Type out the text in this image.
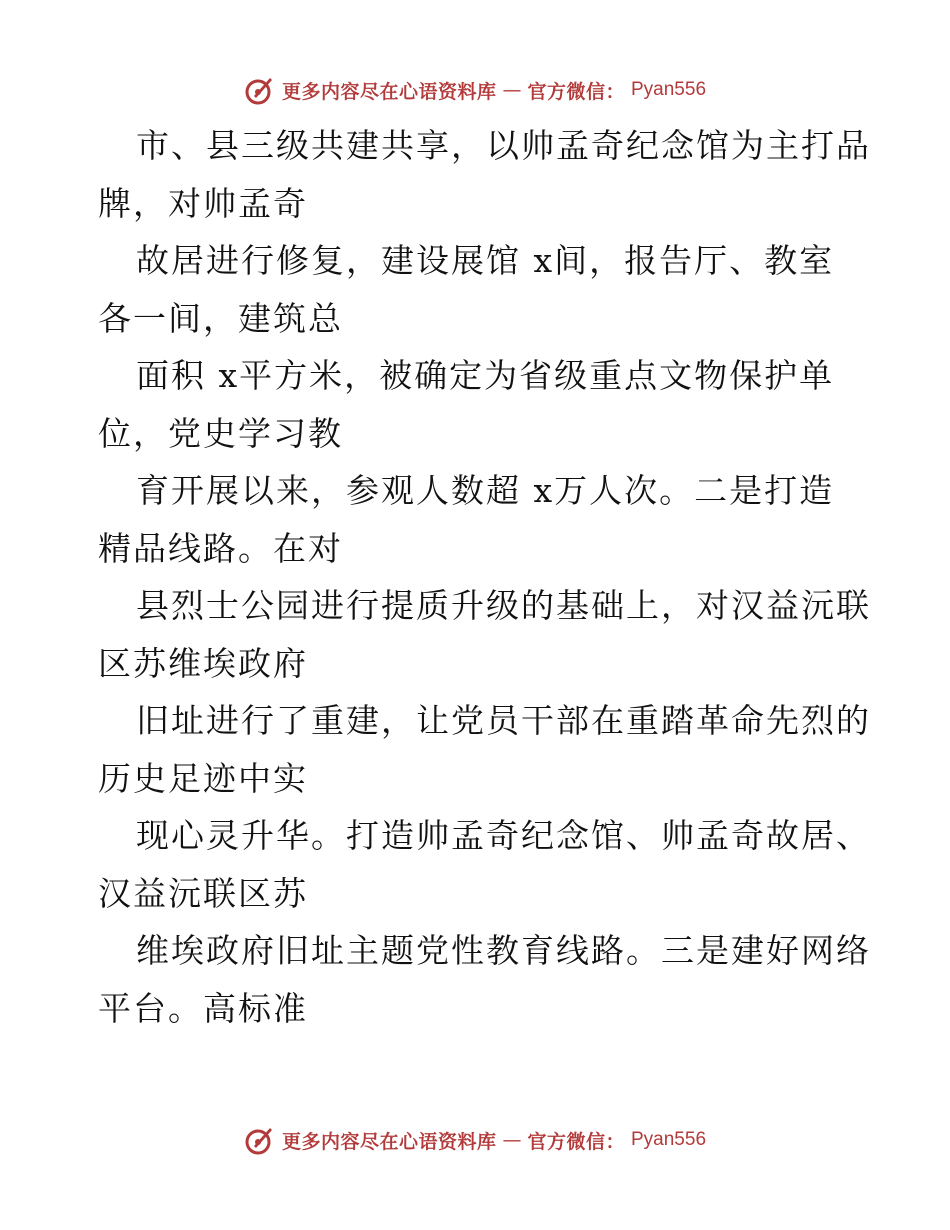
更多内容尽在心语资料库 — 官方微信： Pyan556
市、县三级共建共享，以帅孟奇纪念馆为主打品
牌，对帅孟奇
故居进行修复，建设展馆 x间，报告厅、教室
各一间，建筑总
面积 x平方米，被确定为省级重点文物保护单
位，党史学习教
育开展以来，参观人数超 x万人次。二是打造
精品线路。在对
县烈士公园进行提质升级的基础上，对汉益沅联
区苏维埃政府
旧址进行了重建，让党员干部在重踏革命先烈的
历史足迹中实
现心灵升华。打造帅孟奇纪念馆、帅孟奇故居、
汉益沅联区苏
维埃政府旧址主题党性教育线路。三是建好网络
平台。高标准
更多内容尽在心语资料库 — 官方微信： Pyan556
